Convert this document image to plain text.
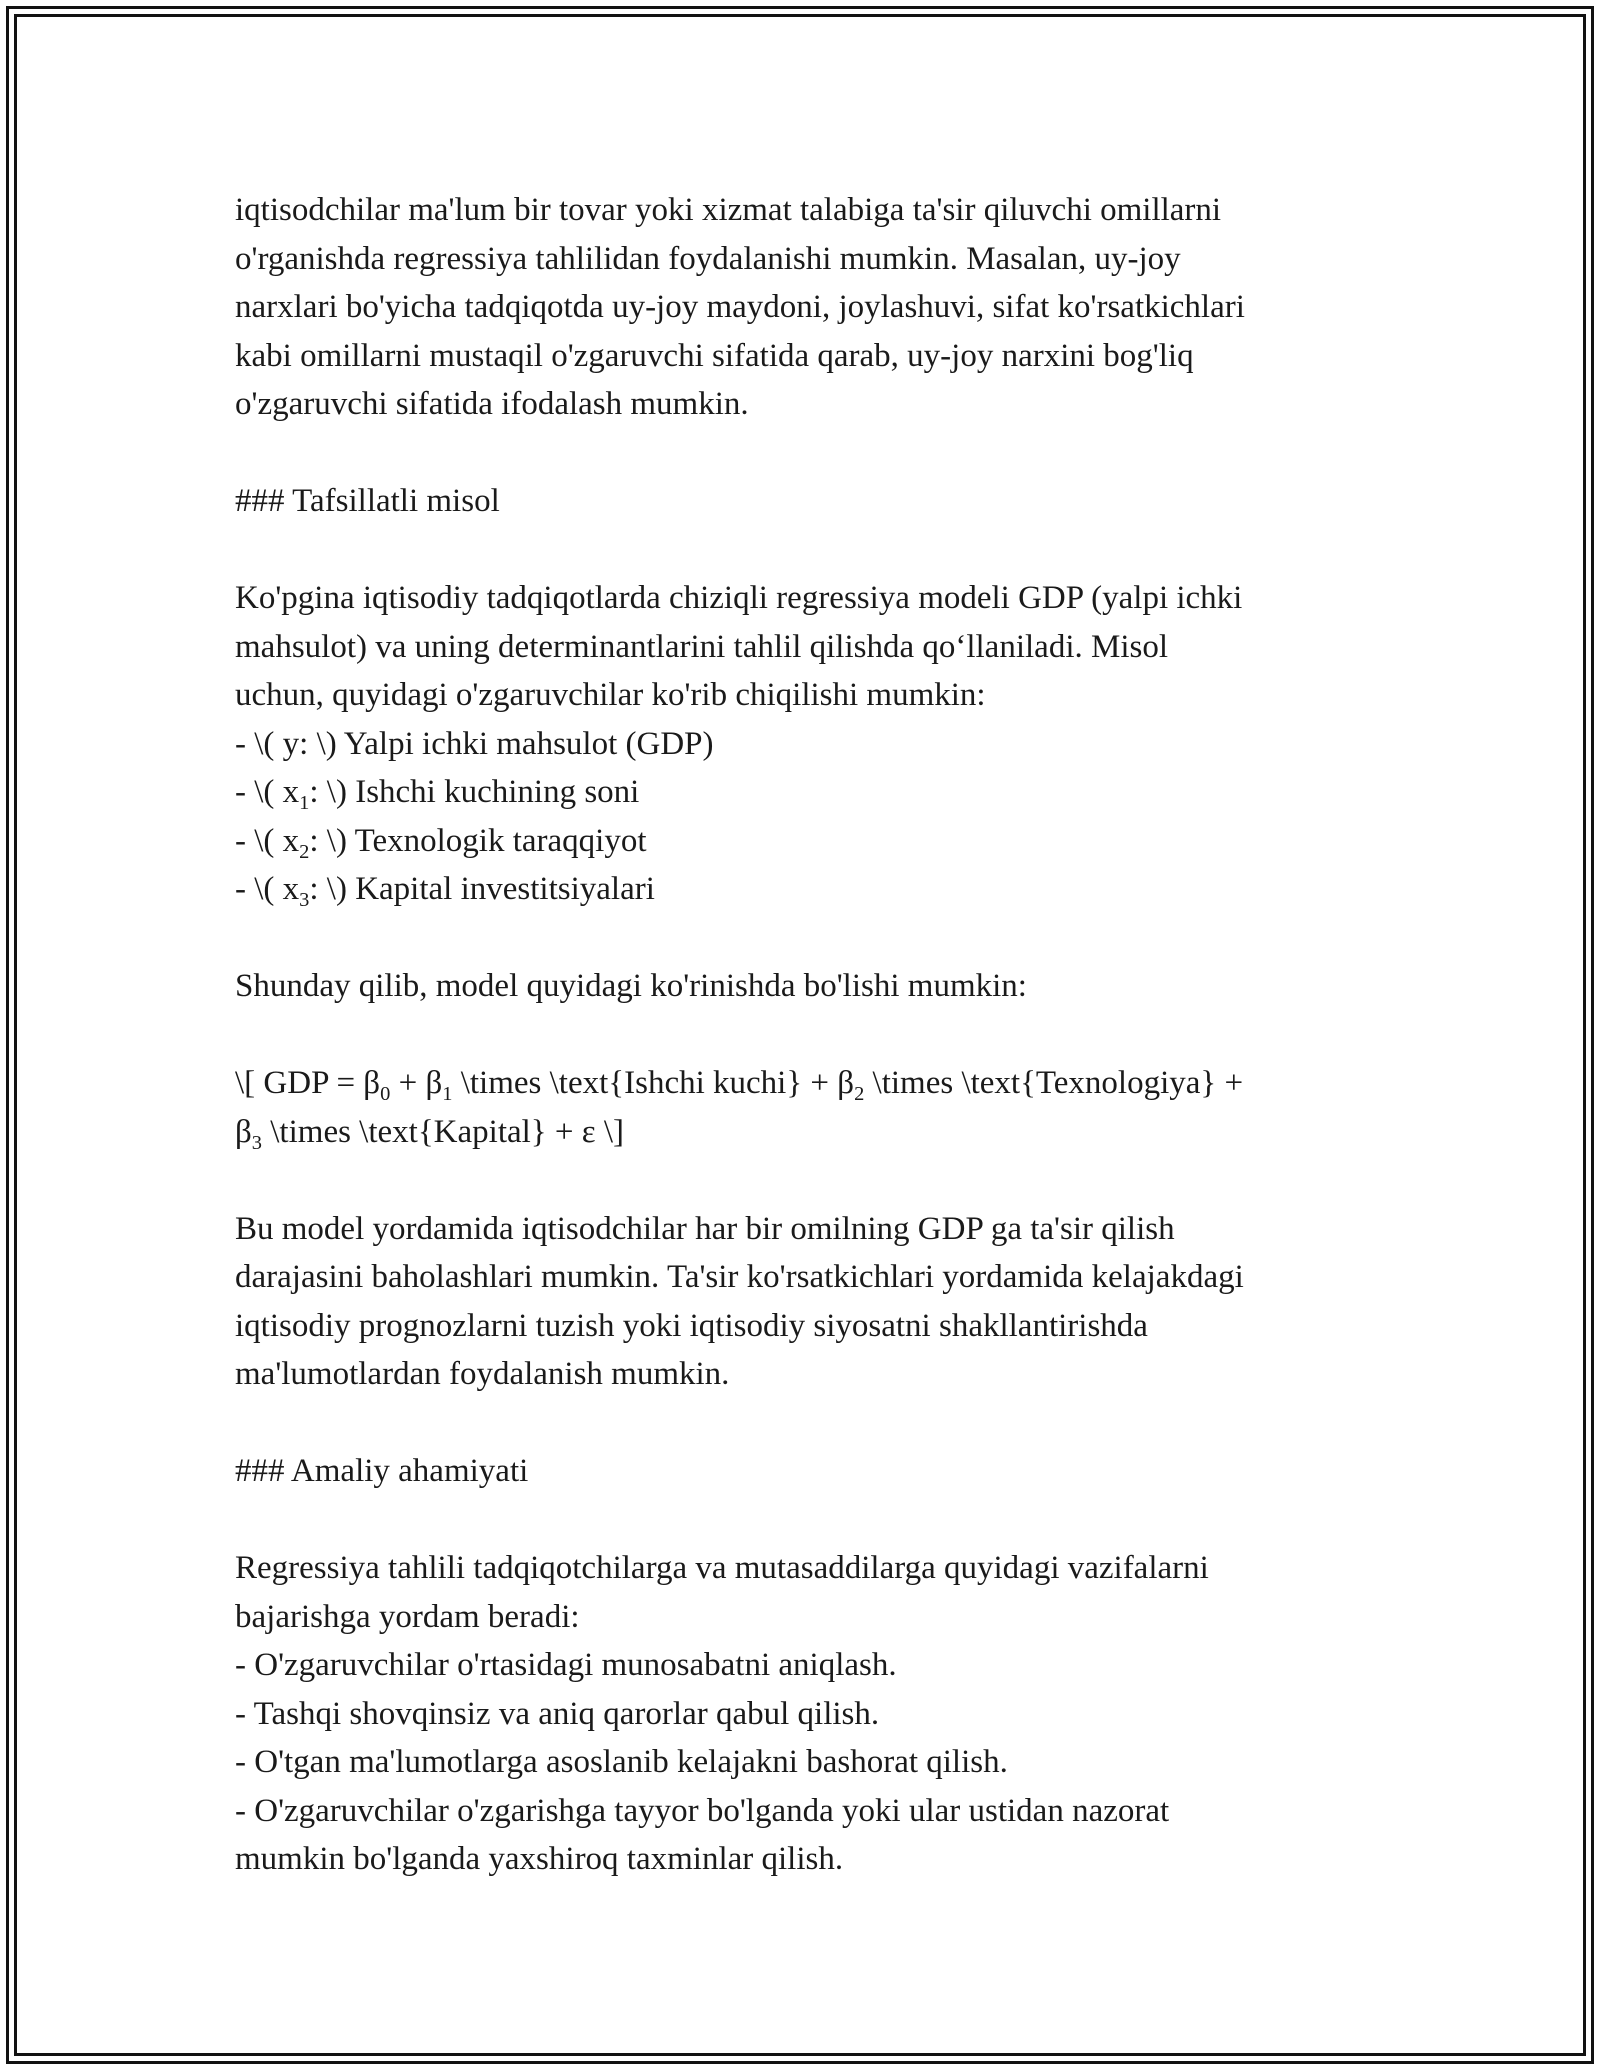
iqtisodchilar ma'lum bir tovar yoki xizmat talabiga ta'sir qiluvchi omillarni
o'rganishda regressiya tahlilidan foydalanishi mumkin. Masalan, uy-joy
narxlari bo'yicha tadqiqotda uy-joy maydoni, joylashuvi, sifat ko'rsatkichlari
kabi omillarni mustaqil o'zgaruvchi sifatida qarab, uy-joy narxini bog'liq
o'zgaruvchi sifatida ifodalash mumkin.
### Tafsillatli misol
Ko'pgina iqtisodiy tadqiqotlarda chiziqli regressiya modeli GDP (yalpi ichki
mahsulot) va uning determinantlarini tahlil qilishda qo‘llaniladi. Misol
uchun, quyidagi o'zgaruvchilar ko'rib chiqilishi mumkin:
- \( y: \) Yalpi ichki mahsulot (GDP)
- \( $x_1$: \) Ishchi kuchining soni
- \( $x_2$: \) Texnologik taraqqiyot
- \( $x_3$: \) Kapital investitsiyalari
Shunday qilib, model quyidagi ko'rinishda bo'lishi mumkin:
\[ GDP = $\beta_0 + \beta_1$ \times \text{Ishchi kuchi} + $\beta_2$ \times \text{Texnologiya} +
$\beta_3$ \times \text{Kapital} + ε \]
Bu model yordamida iqtisodchilar har bir omilning GDP ga ta'sir qilish
darajasini baholashlari mumkin. Ta'sir ko'rsatkichlari yordamida kelajakdagi
iqtisodiy prognozlarni tuzish yoki iqtisodiy siyosatni shakllantirishda
ma'lumotlardan foydalanish mumkin.
### Amaliy ahamiyati
Regressiya tahlili tadqiqotchilarga va mutasaddilarga quyidagi vazifalarni
bajarishga yordam beradi:
- O'zgaruvchilar o'rtasidagi munosabatni aniqlash.
- Tashqi shovqinsiz va aniq qarorlar qabul qilish.
- O'tgan ma'lumotlarga asoslanib kelajakni bashorat qilish.
- O'zgaruvchilar o'zgarishga tayyor bo'lganda yoki ular ustidan nazorat
mumkin bo'lganda yaxshiroq taxminlar qilish.
